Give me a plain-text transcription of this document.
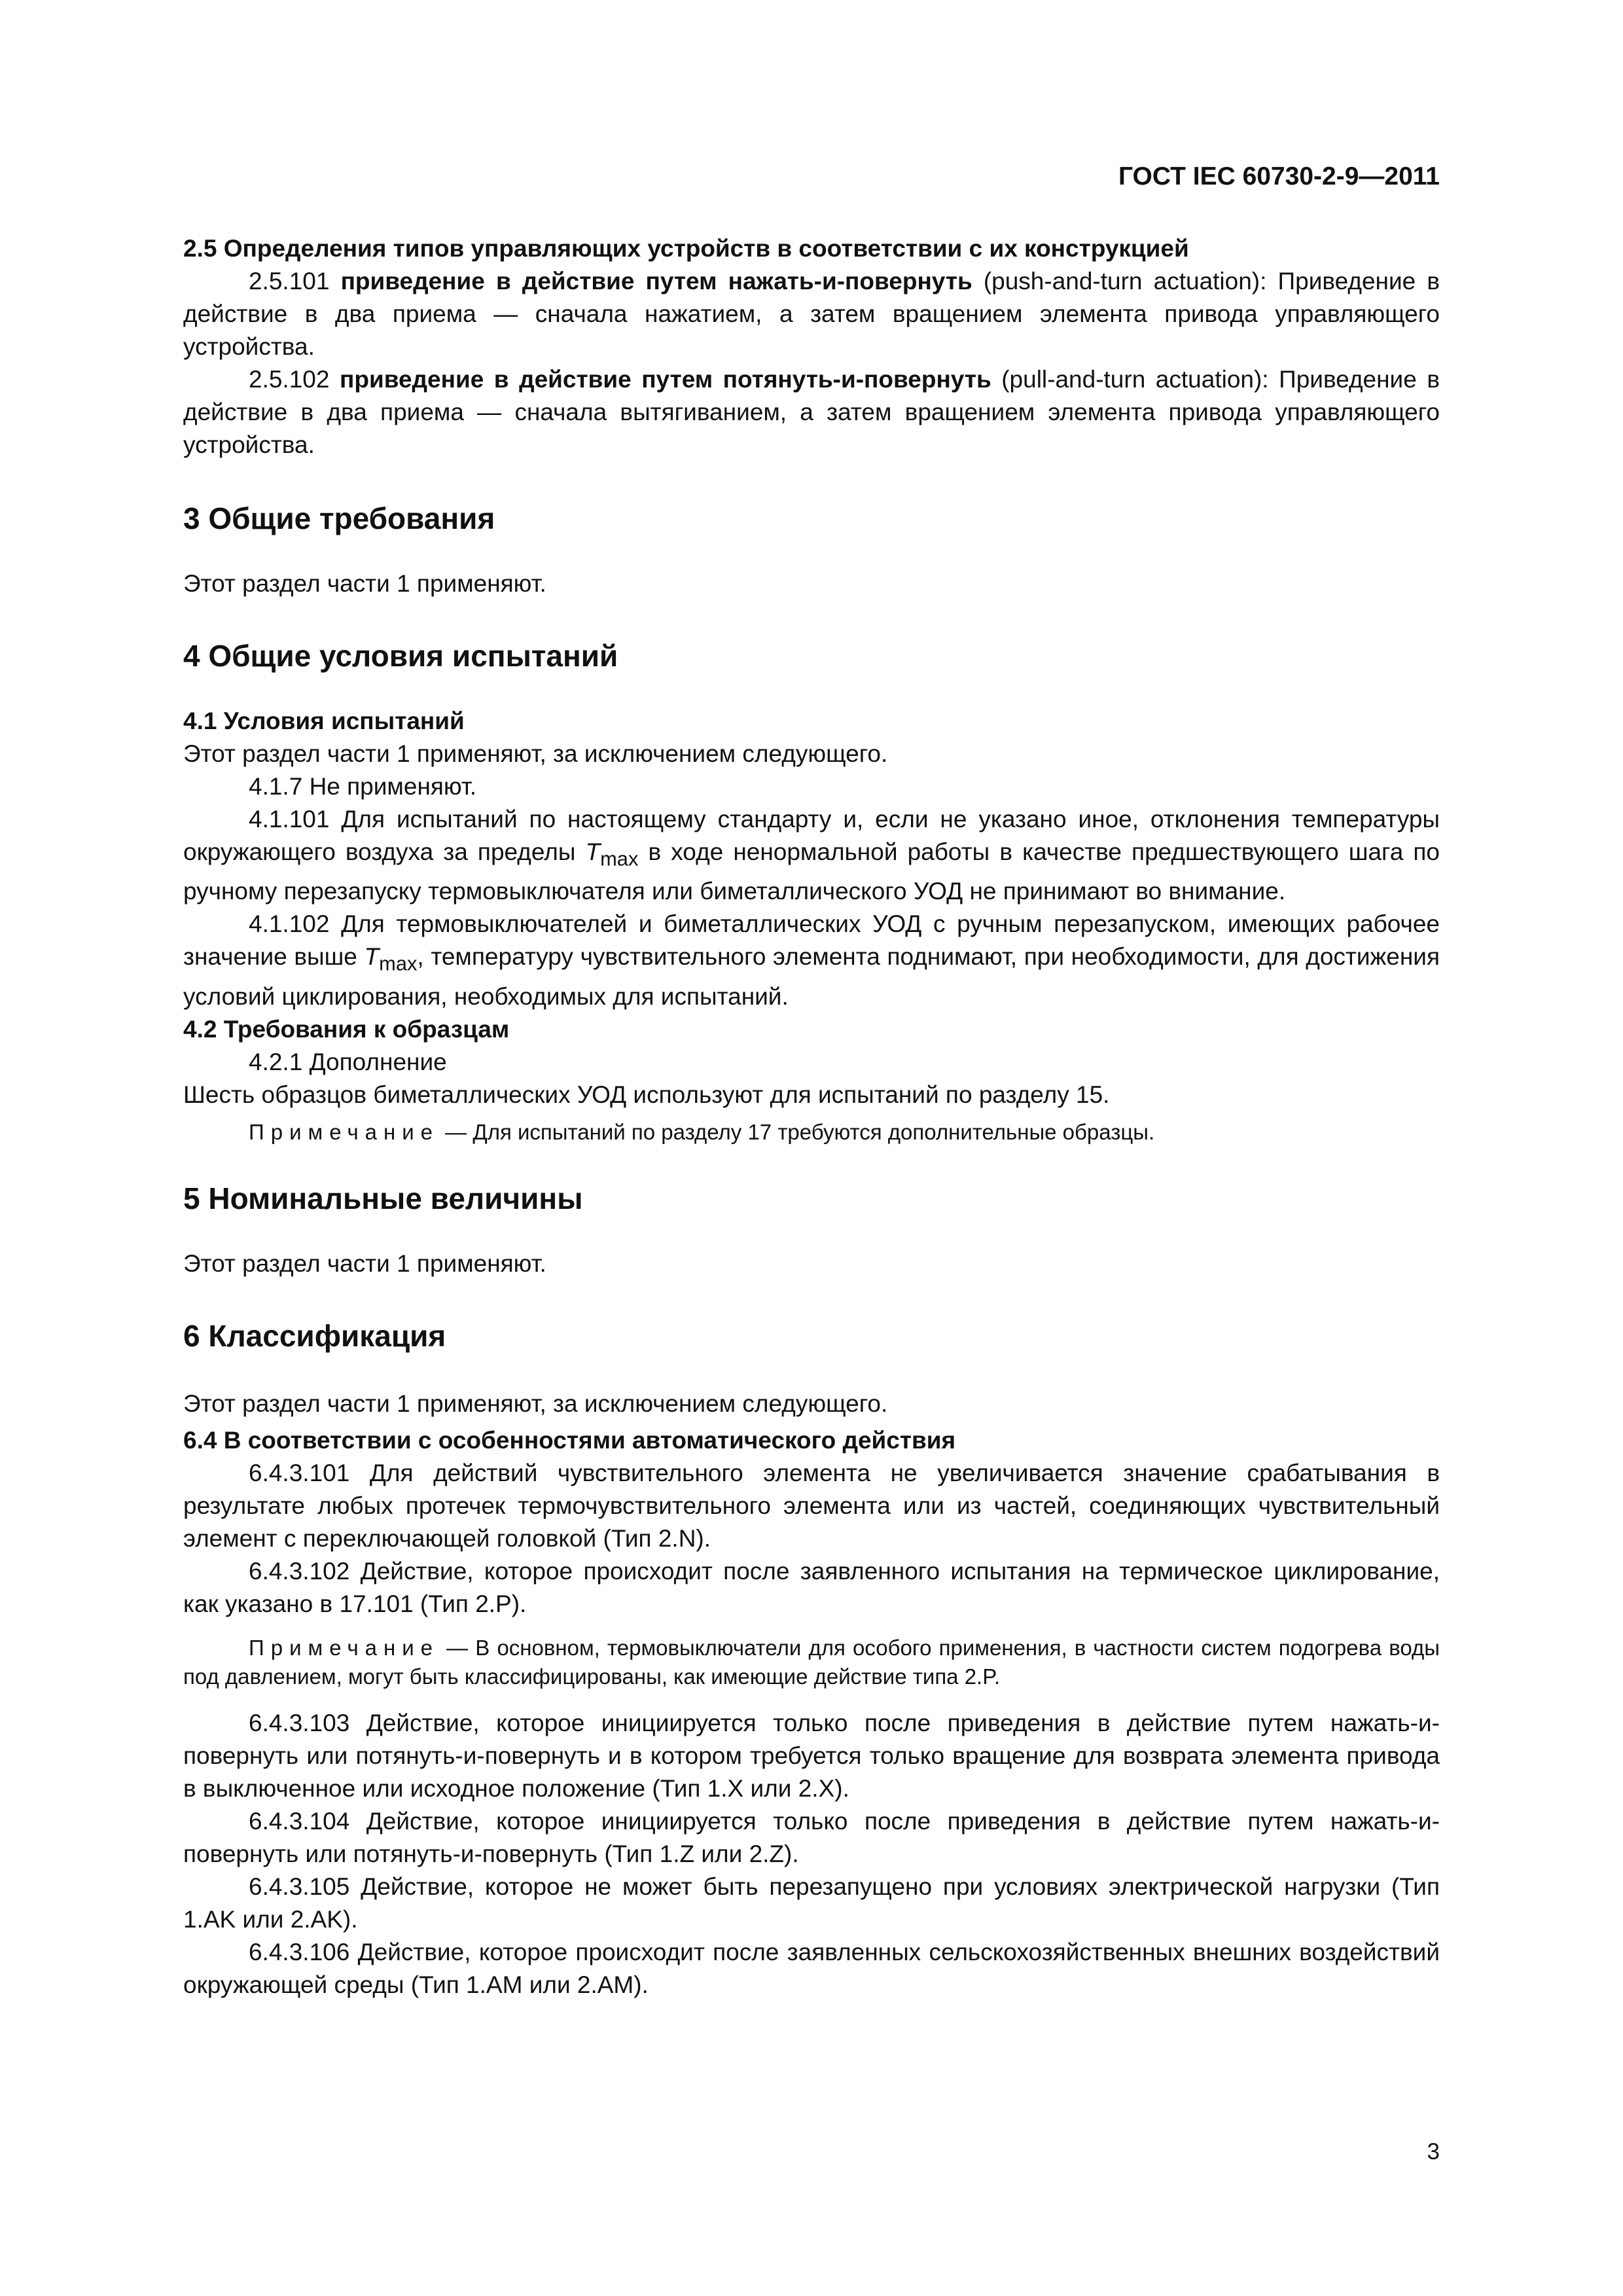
ГОСТ IEC 60730-2-9—2011
2.5 Определения типов управляющих устройств в соответствии с их конструкцией

2.5.101 приведение в действие путем нажать-и-повернуть (push-and-turn actuation): Приведение в действие в два приема — сначала нажатием, а затем вращением элемента привода управляющего устройства.

2.5.102 приведение в действие путем потянуть-и-повернуть (pull-and-turn actuation): Приведение в действие в два приема — сначала вытягиванием, а затем вращением элемента привода управляющего устройства.

3 Общие требования

Этот раздел части 1 применяют.

4 Общие условия испытаний
4.1 Условия испытаний

Этот раздел части 1 применяют, за исключением следующего.

4.1.7 Не применяют.

4.1.101 Для испытаний по настоящему стандарту и, если не указано иное, отклонения температуры окружающего воздуха за пределы $T_{max}$ в ходе ненормальной работы в качестве предшествующего шага по ручному перезапуску термовыключателя или биметаллического УОД не принимают во внимание.

4.1.102 Для термовыключателей и биметаллических УОД с ручным перезапуском, имеющих рабочее значение выше $T_{max}$, температуру чувствительного элемента поднимают, при необходимости, для достижения условий циклирования, необходимых для испытаний.

4.2 Требования к образцам

4.2.1 Дополнение

Шесть образцов биметаллических УОД используют для испытаний по разделу 15.

Примечание — Для испытаний по разделу 17 требуются дополнительные образцы.

5 Номинальные величины

Этот раздел части 1 применяют.

6 Классификация

Этот раздел части 1 применяют, за исключением следующего.

6.4 В соответствии с особенностями автоматического действия

6.4.3.101 Для действий чувствительного элемента не увеличивается значение срабатывания в результате любых протечек термочувствительного элемента или из частей, соединяющих чувствительный элемент с переключающей головкой (Тип 2.N).

6.4.3.102 Действие, которое происходит после заявленного испытания на термическое циклирование, как указано в 17.101 (Тип 2.P).

Примечание — В основном, термовыключатели для особого применения, в частности систем подогрева воды под давлением, могут быть классифицированы, как имеющие действие типа 2.P.

6.4.3.103 Действие, которое инициируется только после приведения в действие путем нажать-и-повернуть или потянуть-и-повернуть и в котором требуется только вращение для возврата элемента привода в выключенное или исходное положение (Тип 1.X или 2.X).

6.4.3.104 Действие, которое инициируется только после приведения в действие путем нажать-и-повернуть или потянуть-и-повернуть (Тип 1.Z или 2.Z).

6.4.3.105 Действие, которое не может быть перезапущено при условиях электрической нагрузки (Тип 1.AK или 2.AK).

6.4.3.106 Действие, которое происходит после заявленных сельскохозяйственных внешних воздействий окружающей среды (Тип 1.AM или 2.AM).

3
